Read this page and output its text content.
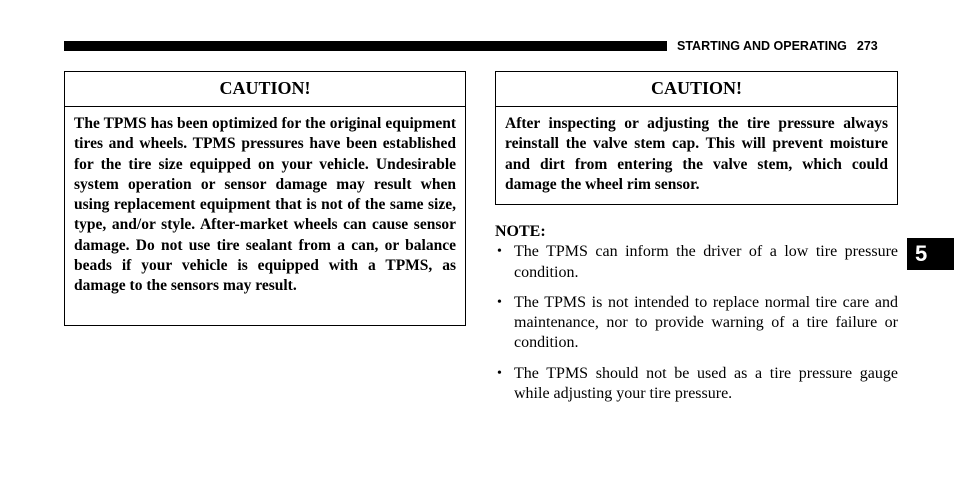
STARTING AND OPERATING 273
CAUTION!
The TPMS has been optimized for the original equipment tires and wheels. TPMS pressures have been established for the tire size equipped on your vehicle. Undesirable system operation or sensor damage may result when using replacement equipment that is not of the same size, type, and/or style. After-market wheels can cause sensor damage. Do not use tire sealant from a can, or balance beads if your vehicle is equipped with a TPMS, as damage to the sensors may result.
CAUTION!
After inspecting or adjusting the tire pressure always reinstall the valve stem cap. This will prevent moisture and dirt from entering the valve stem, which could damage the wheel rim sensor.
NOTE:
• The TPMS can inform the driver of a low tire pressure condition.
• The TPMS is not intended to replace normal tire care and maintenance, nor to provide warning of a tire failure or condition.
• The TPMS should not be used as a tire pressure gauge while adjusting your tire pressure.
5
